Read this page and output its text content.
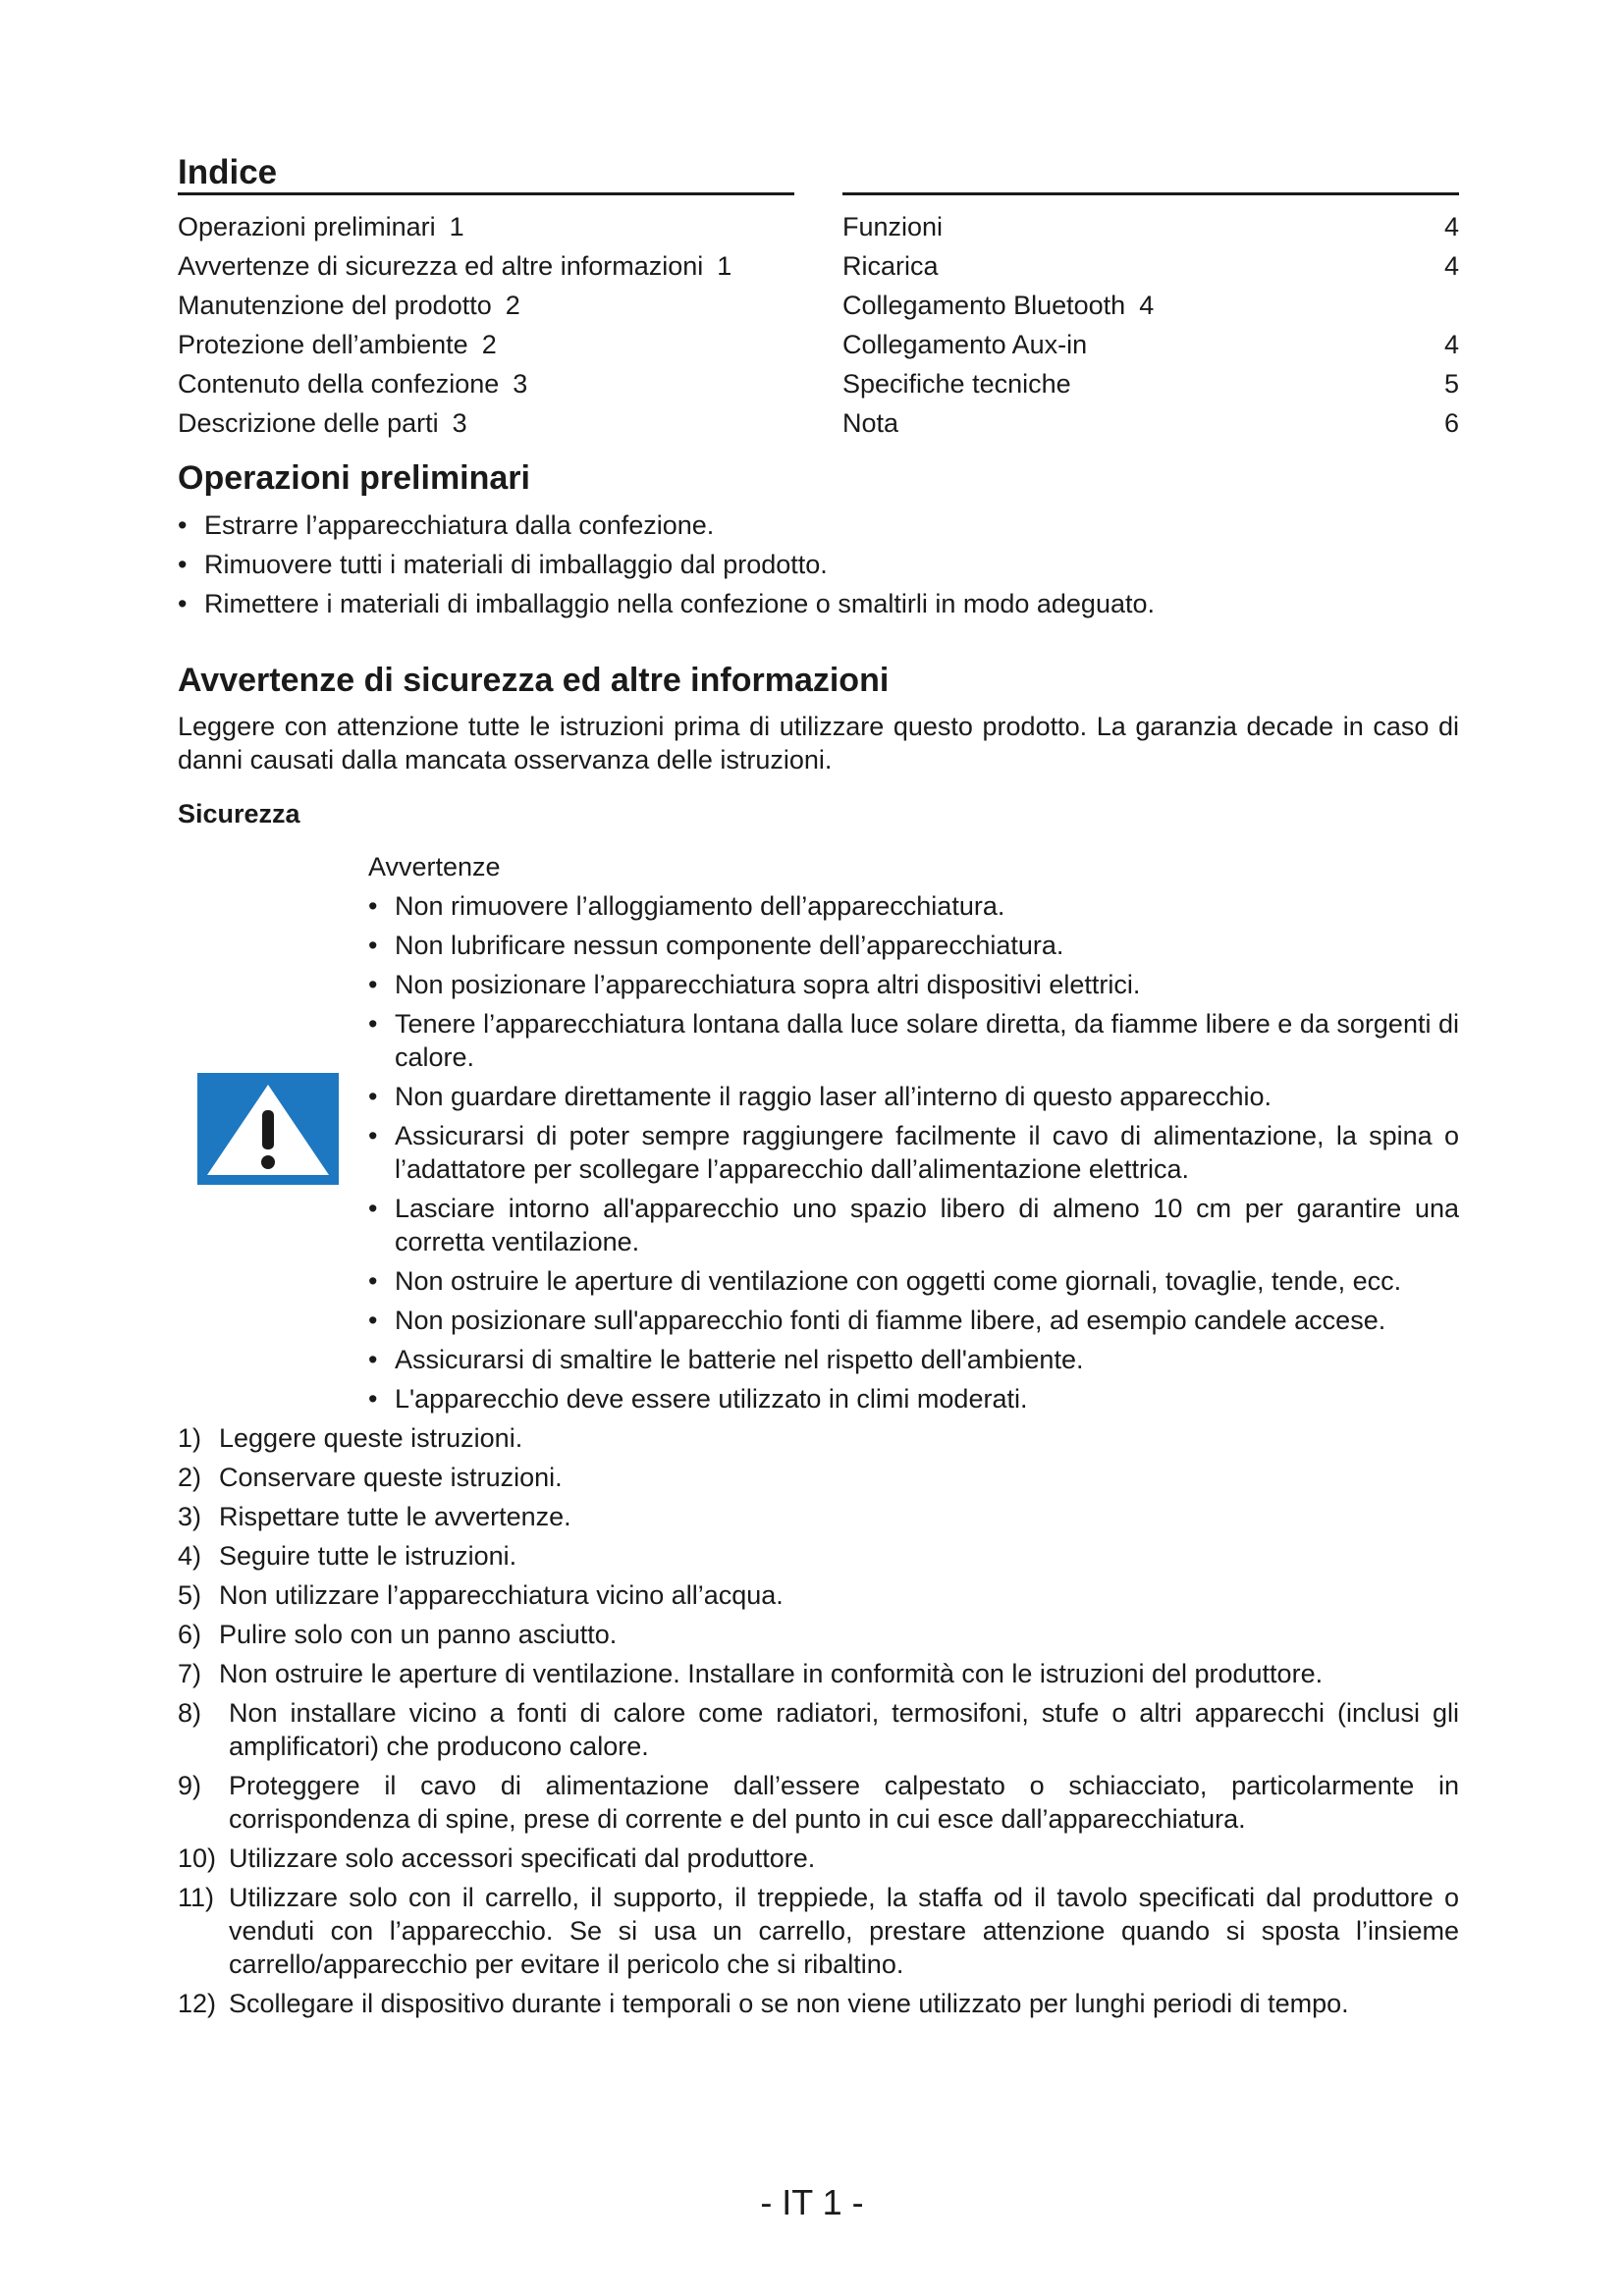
Indice
Operazioni preliminari 1
Avvertenze di sicurezza ed altre informazioni 1
Manutenzione del prodotto 2
Protezione dell’ambiente 2
Contenuto della confezione 3
Descrizione delle parti 3
Funzioni	4
Ricarica	4
Collegamento Bluetooth 4
Collegamento Aux-in	4
Specifiche tecniche	5
Nota	6
Operazioni preliminari
• Estrarre l’apparecchiatura dalla confezione.
• Rimuovere tutti i materiali di imballaggio dal prodotto.
• Rimettere i materiali di imballaggio nella confezione o smaltirli in modo adeguato.
Avvertenze di sicurezza ed altre informazioni

Leggere con attenzione tutte le istruzioni prima di utilizzare questo prodotto. La garanzia decade in caso di danni causati dalla mancata osservanza delle istruzioni.

Sicurezza
Avvertenze
• Non rimuovere l’alloggiamento dell’apparecchiatura.
• Non lubrificare nessun componente dell’apparecchiatura.
• Non posizionare l’apparecchiatura sopra altri dispositivi elettrici.
• Tenere l’apparecchiatura lontana dalla luce solare diretta, da fiamme libere e da sorgenti di calore.
• Non guardare direttamente il raggio laser all’interno di questo apparecchio.
• Assicurarsi di poter sempre raggiungere facilmente il cavo di alimentazione, la spina o l’adattatore per scollegare l’apparecchio dall’alimentazione elettrica.
• Lasciare intorno all'apparecchio uno spazio libero di almeno 10 cm per garantire una corretta ventilazione.
• Non ostruire le aperture di ventilazione con oggetti come giornali, tovaglie, tende, ecc.
• Non posizionare sull'apparecchio fonti di fiamme libere, ad esempio candele accese.
• Assicurarsi di smaltire le batterie nel rispetto dell'ambiente.
• L'apparecchio deve essere utilizzato in climi moderati.
1) Leggere queste istruzioni.
2) Conservare queste istruzioni.
3) Rispettare tutte le avvertenze.
4) Seguire tutte le istruzioni.
5) Non utilizzare l’apparecchiatura vicino all’acqua.
6) Pulire solo con un panno asciutto.
7) Non ostruire le aperture di ventilazione. Installare in conformità con le istruzioni del produttore.
8)	Non installare vicino a fonti di calore come radiatori, termosifoni, stufe o altri apparecchi (inclusi gli amplificatori) che producono calore.
9)	Proteggere il cavo di alimentazione dall’essere calpestato o schiacciato, particolarmente in corrispondenza di spine, prese di corrente e del punto in cui esce dall’apparecchiatura.
10) Utilizzare solo accessori specificati dal produttore.
11) Utilizzare solo con il carrello, il supporto, il treppiede, la staffa od il tavolo specificati dal produttore o venduti con l’apparecchio. Se si usa un carrello, prestare attenzione quando si sposta l’insieme carrello/apparecchio per evitare il pericolo che si ribaltino.
12) Scollegare il dispositivo durante i temporali o se non viene utilizzato per lunghi periodi di tempo.
- IT 1 -
